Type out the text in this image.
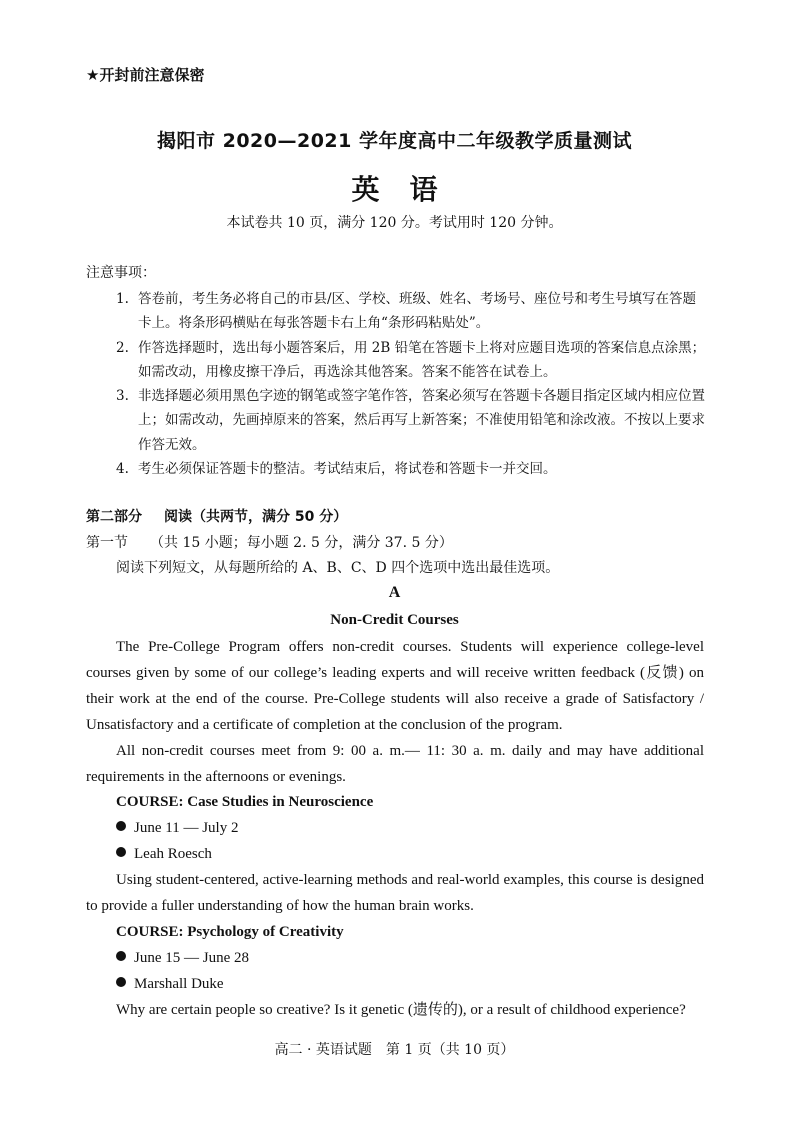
★开封前注意保密
揭阳市 2020—2021 学年度高中二年级教学质量测试
英 语
本试卷共 10 页，满分 120 分。考试用时 120 分钟。
注意事项：
1. 答卷前，考生务必将自己的市县/区、学校、班级、姓名、考场号、座位号和考生号填写在答题卡上。将条形码横贴在每张答题卡右上角“条形码粘贴处”。
2. 作答选择题时，选出每小题答案后，用 2B 铅笔在答题卡上将对应题目选项的答案信息点涂黑；如需改动，用橡皮擦干净后，再选涂其他答案。答案不能答在试卷上。
3. 非选择题必须用黑色字迹的钢笔或签字笔作答，答案必须写在答题卡各题目指定区域内相应位置上；如需改动，先画掉原来的答案，然后再写上新答案；不准使用铅笔和涂改液。不按以上要求作答无效。
4. 考生必须保证答题卡的整洁。考试结束后，将试卷和答题卡一并交回。
第二部分 阅读（共两节，满分 50 分）
第一节 （共 15 小题；每小题 2. 5 分，满分 37. 5 分）
阅读下列短文，从每题所给的 A、B、C、D 四个选项中选出最佳选项。
A
Non-Credit Courses

The Pre-College Program offers non-credit courses. Students will experience college-level courses given by some of our college’s leading experts and will receive written feedback (反馈) on their work at the end of the course. Pre-College students will also receive a grade of Satisfactory / Unsatisfactory and a certificate of completion at the conclusion of the program.

All non-credit courses meet from 9: 00 a. m.— 11: 30 a. m. daily and may have additional requirements in the afternoons or evenings.

COURSE: Case Studies in Neuroscience
June 11 — July 2
Leah Roesch

Using student-centered, active-learning methods and real-world examples, this course is designed to provide a fuller understanding of how the human brain works.

COURSE: Psychology of Creativity
June 15 — June 28
Marshall Duke

Why are certain people so creative? Is it genetic (遗传的), or a result of childhood experience?

高二 · 英语试题　第 1 页（共 10 页）
